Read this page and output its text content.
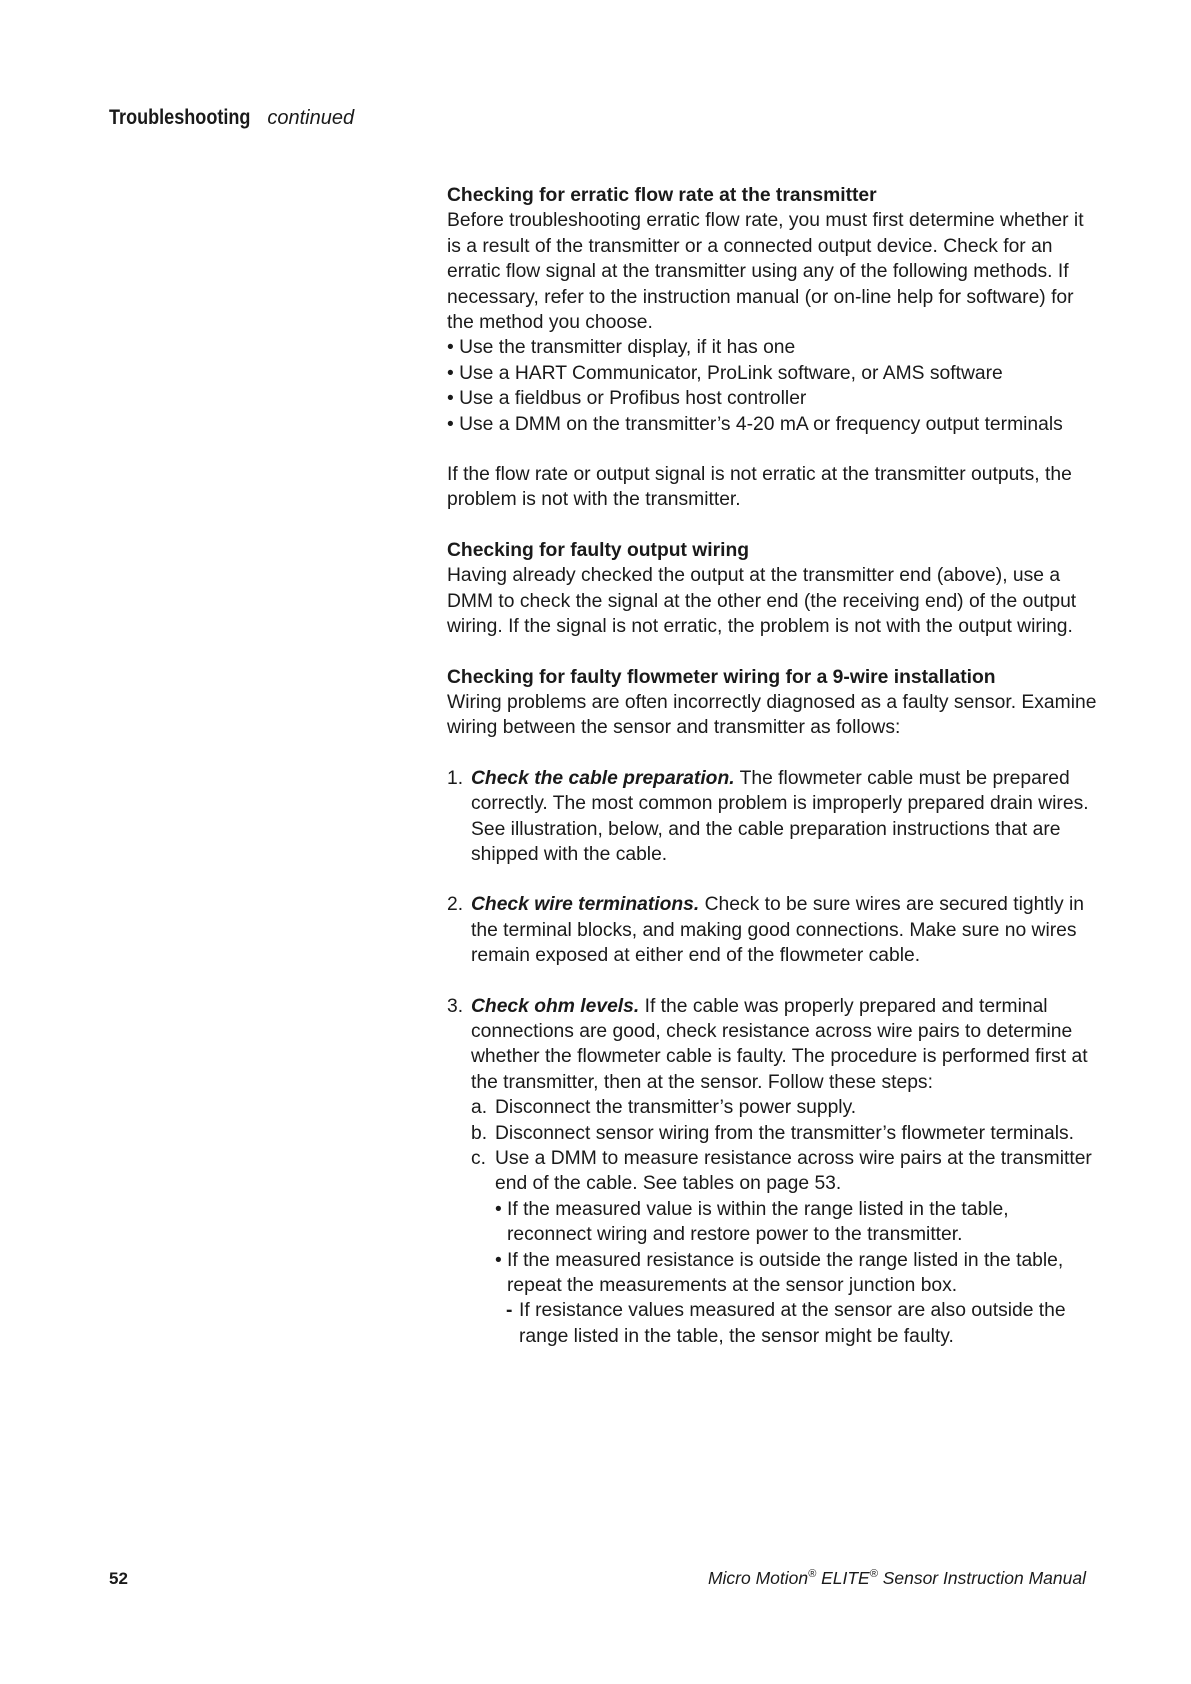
Troubleshooting continued

Checking for erratic flow rate at the transmitter

Before troubleshooting erratic flow rate, you must first determine whether it is a result of the transmitter or a connected output device. Check for an erratic flow signal at the transmitter using any of the following methods. If necessary, refer to the instruction manual (or on-line help for software) for the method you choose.

• Use the transmitter display, if it has one
• Use a HART Communicator, ProLink software, or AMS software
• Use a fieldbus or Profibus host controller
• Use a DMM on the transmitter’s 4-20 mA or frequency output terminals

If the flow rate or output signal is not erratic at the transmitter outputs, the problem is not with the transmitter.

Checking for faulty output wiring

Having already checked the output at the transmitter end (above), use a DMM to check the signal at the other end (the receiving end) of the output wiring. If the signal is not erratic, the problem is not with the output wiring.

Checking for faulty flowmeter wiring for a 9-wire installation

Wiring problems are often incorrectly diagnosed as a faulty sensor. Examine wiring between the sensor and transmitter as follows:

1. Check the cable preparation. The flowmeter cable must be prepared correctly. The most common problem is improperly prepared drain wires. See illustration, below, and the cable preparation instructions that are shipped with the cable.
2. Check wire terminations. Check to be sure wires are secured tightly in the terminal blocks, and making good connections. Make sure no wires remain exposed at either end of the flowmeter cable.
3. Check ohm levels. If the cable was properly prepared and terminal connections are good, check resistance across wire pairs to determine whether the flowmeter cable is faulty. The procedure is performed first at the transmitter, then at the sensor. Follow these steps:
a. Disconnect the transmitter’s power supply.
b. Disconnect sensor wiring from the transmitter’s flowmeter terminals.
c. Use a DMM to measure resistance across wire pairs at the transmitter end of the cable. See tables on page 53.
• If the measured value is within the range listed in the table, reconnect wiring and restore power to the transmitter.
• If the measured resistance is outside the range listed in the table, repeat the measurements at the sensor junction box.
- If resistance values measured at the sensor are also outside the range listed in the table, the sensor might be faulty.
52	Micro Motion® ELITE® Sensor Instruction Manual
